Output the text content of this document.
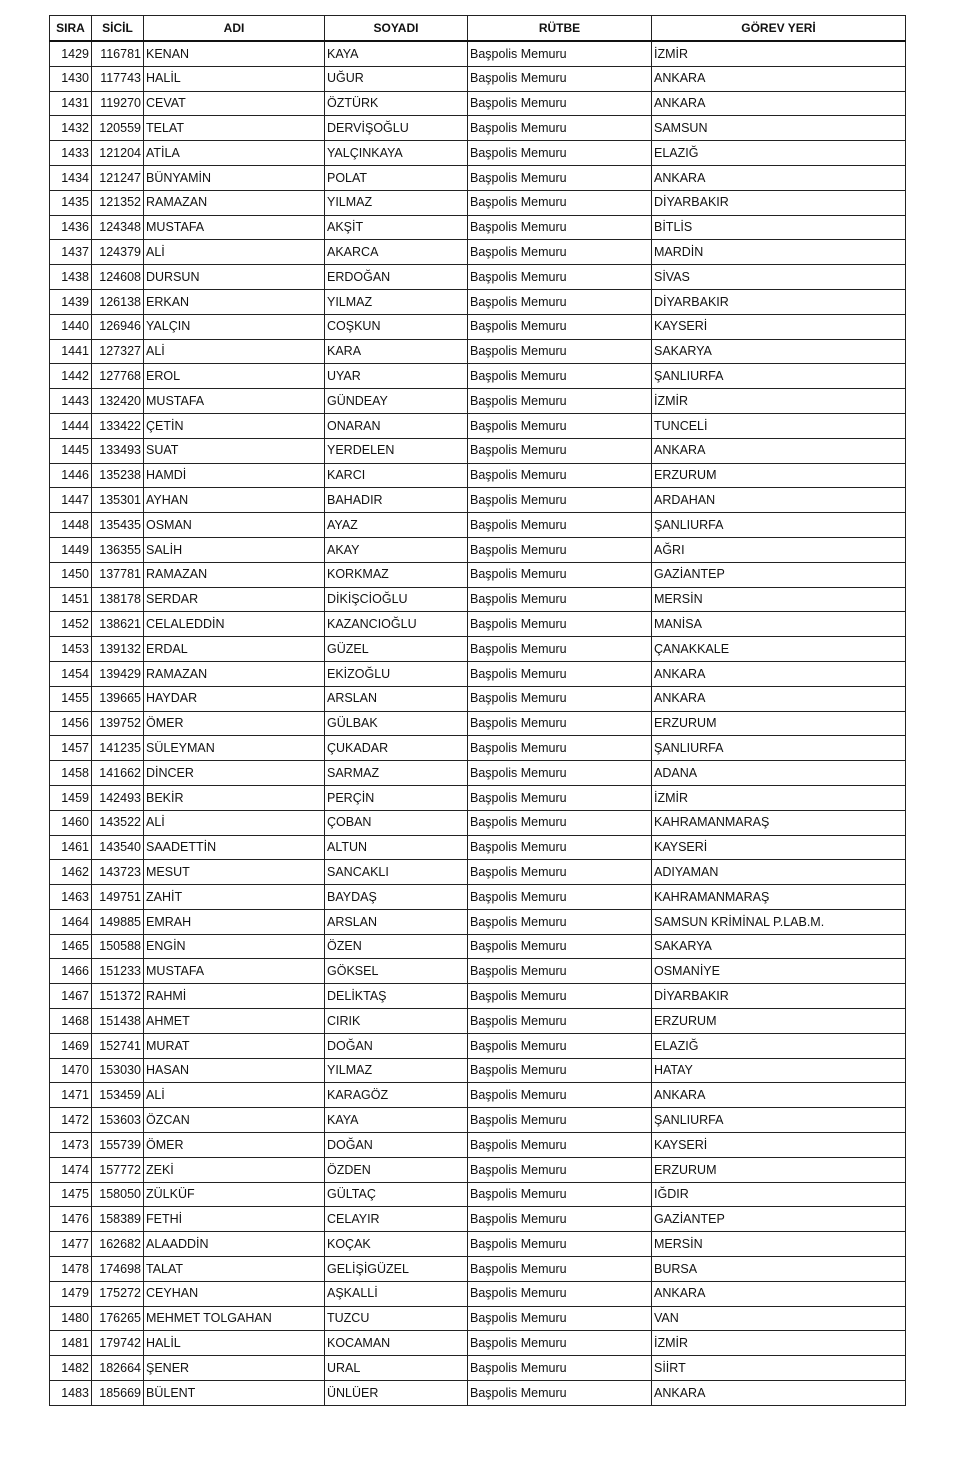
SIRA	SİCİL	ADI	SOYADI	RÜTBE	GÖREV YERİ
1429	116781	KENAN	KAYA	Başpolis Memuru	İZMİR
1430	117743	HALİL	UĞUR	Başpolis Memuru	ANKARA
1431	119270	CEVAT	ÖZTÜRK	Başpolis Memuru	ANKARA
1432	120559	TELAT	DERVİŞOĞLU	Başpolis Memuru	SAMSUN
1433	121204	ATİLA	YALÇINKAYA	Başpolis Memuru	ELAZIĞ
1434	121247	BÜNYAMİN	POLAT	Başpolis Memuru	ANKARA
1435	121352	RAMAZAN	YILMAZ	Başpolis Memuru	DİYARBAKIR
1436	124348	MUSTAFA	AKŞİT	Başpolis Memuru	BİTLİS
1437	124379	ALİ	AKARCA	Başpolis Memuru	MARDİN
1438	124608	DURSUN	ERDOĞAN	Başpolis Memuru	SİVAS
1439	126138	ERKAN	YILMAZ	Başpolis Memuru	DİYARBAKIR
1440	126946	YALÇIN	COŞKUN	Başpolis Memuru	KAYSERİ
1441	127327	ALİ	KARA	Başpolis Memuru	SAKARYA
1442	127768	EROL	UYAR	Başpolis Memuru	ŞANLIURFA
1443	132420	MUSTAFA	GÜNDEAY	Başpolis Memuru	İZMİR
1444	133422	ÇETİN	ONARAN	Başpolis Memuru	TUNCELİ
1445	133493	SUAT	YERDELEN	Başpolis Memuru	ANKARA
1446	135238	HAMDİ	KARCI	Başpolis Memuru	ERZURUM
1447	135301	AYHAN	BAHADIR	Başpolis Memuru	ARDAHAN
1448	135435	OSMAN	AYAZ	Başpolis Memuru	ŞANLIURFA
1449	136355	SALİH	AKAY	Başpolis Memuru	AĞRI
1450	137781	RAMAZAN	KORKMAZ	Başpolis Memuru	GAZİANTEP
1451	138178	SERDAR	DİKİŞCİOĞLU	Başpolis Memuru	MERSİN
1452	138621	CELALEDDİN	KAZANCIOĞLU	Başpolis Memuru	MANİSA
1453	139132	ERDAL	GÜZEL	Başpolis Memuru	ÇANAKKALE
1454	139429	RAMAZAN	EKİZOĞLU	Başpolis Memuru	ANKARA
1455	139665	HAYDAR	ARSLAN	Başpolis Memuru	ANKARA
1456	139752	ÖMER	GÜLBAK	Başpolis Memuru	ERZURUM
1457	141235	SÜLEYMAN	ÇUKADAR	Başpolis Memuru	ŞANLIURFA
1458	141662	DİNCER	SARMAZ	Başpolis Memuru	ADANA
1459	142493	BEKİR	PERÇİN	Başpolis Memuru	İZMİR
1460	143522	ALİ	ÇOBAN	Başpolis Memuru	KAHRAMANMARAŞ
1461	143540	SAADETTİN	ALTUN	Başpolis Memuru	KAYSERİ
1462	143723	MESUT	SANCAKLI	Başpolis Memuru	ADIYAMAN
1463	149751	ZAHİT	BAYDAŞ	Başpolis Memuru	KAHRAMANMARAŞ
1464	149885	EMRAH	ARSLAN	Başpolis Memuru	SAMSUN KRİMİNAL P.LAB.M.
1465	150588	ENGİN	ÖZEN	Başpolis Memuru	SAKARYA
1466	151233	MUSTAFA	GÖKSEL	Başpolis Memuru	OSMANİYE
1467	151372	RAHMİ	DELİKTAŞ	Başpolis Memuru	DİYARBAKIR
1468	151438	AHMET	CIRIK	Başpolis Memuru	ERZURUM
1469	152741	MURAT	DOĞAN	Başpolis Memuru	ELAZIĞ
1470	153030	HASAN	YILMAZ	Başpolis Memuru	HATAY
1471	153459	ALİ	KARAGÖZ	Başpolis Memuru	ANKARA
1472	153603	ÖZCAN	KAYA	Başpolis Memuru	ŞANLIURFA
1473	155739	ÖMER	DOĞAN	Başpolis Memuru	KAYSERİ
1474	157772	ZEKİ	ÖZDEN	Başpolis Memuru	ERZURUM
1475	158050	ZÜLKÜF	GÜLTAÇ	Başpolis Memuru	IĞDIR
1476	158389	FETHİ	CELAYIR	Başpolis Memuru	GAZİANTEP
1477	162682	ALAADDİN	KOÇAK	Başpolis Memuru	MERSİN
1478	174698	TALAT	GELİŞİGÜZEL	Başpolis Memuru	BURSA
1479	175272	CEYHAN	AŞKALLİ	Başpolis Memuru	ANKARA
1480	176265	MEHMET TOLGAHAN	TUZCU	Başpolis Memuru	VAN
1481	179742	HALİL	KOCAMAN	Başpolis Memuru	İZMİR
1482	182664	ŞENER	URAL	Başpolis Memuru	SİİRT
1483	185669	BÜLENT	ÜNLÜER	Başpolis Memuru	ANKARA
